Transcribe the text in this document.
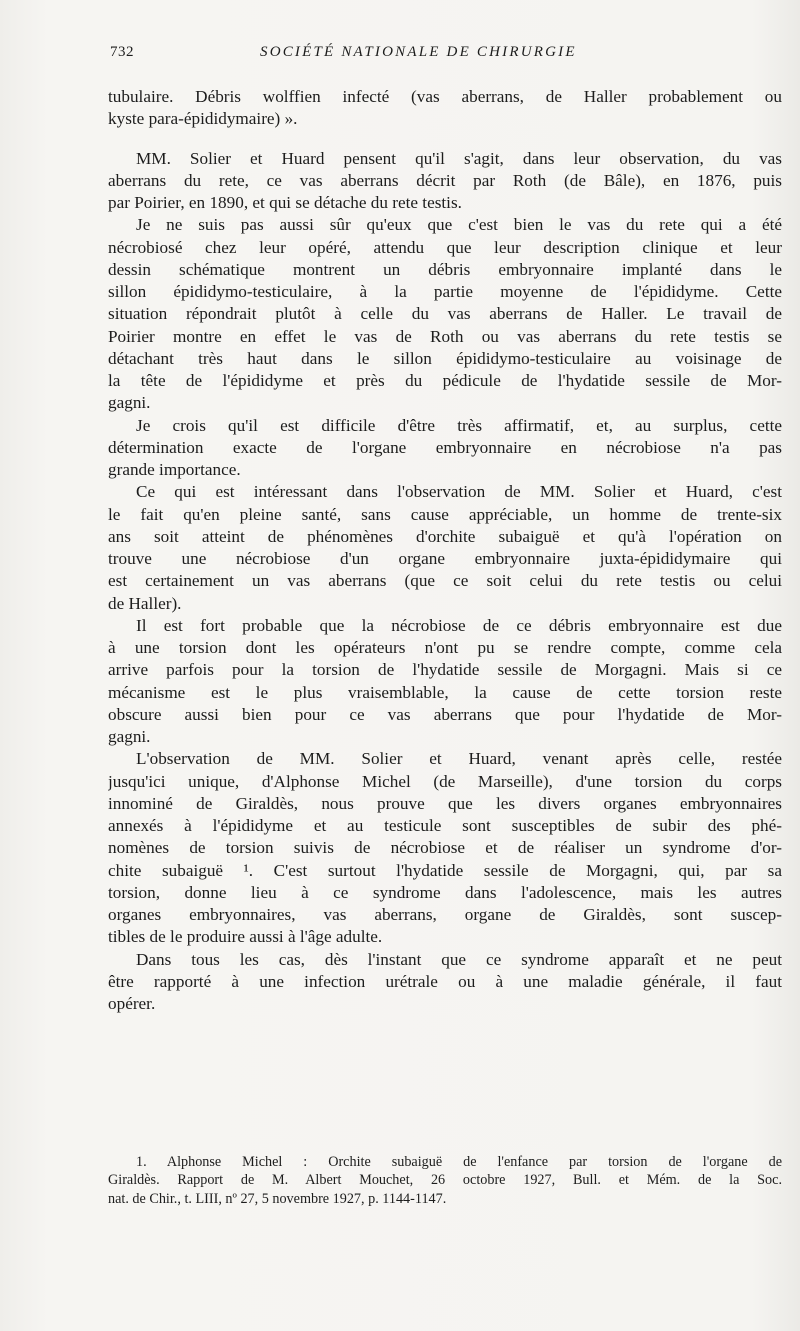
732	SOCIÉTÉ NATIONALE DE CHIRURGIE
tubulaire. Débris wolffien infecté (vas aberrans, de Haller probablement ou
kyste para-épididymaire) ».
MM. Solier et Huard pensent qu'il s'agit, dans leur observation, du vas
aberrans du rete, ce vas aberrans décrit par Roth (de Bâle), en 1876, puis
par Poirier, en 1890, et qui se détache du rete testis.
Je ne suis pas aussi sûr qu'eux que c'est bien le vas du rete qui a été
nécrobiosé chez leur opéré, attendu que leur description clinique et leur
dessin schématique montrent un débris embryonnaire implanté dans le
sillon épididymo-testiculaire, à la partie moyenne de l'épididyme. Cette
situation répondrait plutôt à celle du vas aberrans de Haller. Le travail de
Poirier montre en effet le vas de Roth ou vas aberrans du rete testis se
détachant très haut dans le sillon épididymo-testiculaire au voisinage de
la tête de l'épididyme et près du pédicule de l'hydatide sessile de Mor-
gagni.
Je crois qu'il est difficile d'être très affirmatif, et, au surplus, cette
détermination exacte de l'organe embryonnaire en nécrobiose n'a pas
grande importance.
Ce qui est intéressant dans l'observation de MM. Solier et Huard, c'est
le fait qu'en pleine santé, sans cause appréciable, un homme de trente-six
ans soit atteint de phénomènes d'orchite subaiguë et qu'à l'opération on
trouve une nécrobiose d'un organe embryonnaire juxta-épididymaire qui
est certainement un vas aberrans (que ce soit celui du rete testis ou celui
de Haller).
Il est fort probable que la nécrobiose de ce débris embryonnaire est due
à une torsion dont les opérateurs n'ont pu se rendre compte, comme cela
arrive parfois pour la torsion de l'hydatide sessile de Morgagni. Mais si ce
mécanisme est le plus vraisemblable, la cause de cette torsion reste
obscure aussi bien pour ce vas aberrans que pour l'hydatide de Mor-
gagni.
L'observation de MM. Solier et Huard, venant après celle, restée
jusqu'ici unique, d'Alphonse Michel (de Marseille), d'une torsion du corps
innominé de Giraldès, nous prouve que les divers organes embryonnaires
annexés à l'épididyme et au testicule sont susceptibles de subir des phé-
nomènes de torsion suivis de nécrobiose et de réaliser un syndrome d'or-
chite subaiguë ¹. C'est surtout l'hydatide sessile de Morgagni, qui, par sa
torsion, donne lieu à ce syndrome dans l'adolescence, mais les autres
organes embryonnaires, vas aberrans, organe de Giraldès, sont suscep-
tibles de le produire aussi à l'âge adulte.
Dans tous les cas, dès l'instant que ce syndrome apparaît et ne peut
être rapporté à une infection urétrale ou à une maladie générale, il faut
opérer.
1. Alphonse Michel : Orchite subaiguë de l'enfance par torsion de l'organe de
Giraldès. Rapport de M. Albert Mouchet, 26 octobre 1927, Bull. et Mém. de la Soc.
nat. de Chir., t. LIII, nº 27, 5 novembre 1927, p. 1144-1147.
